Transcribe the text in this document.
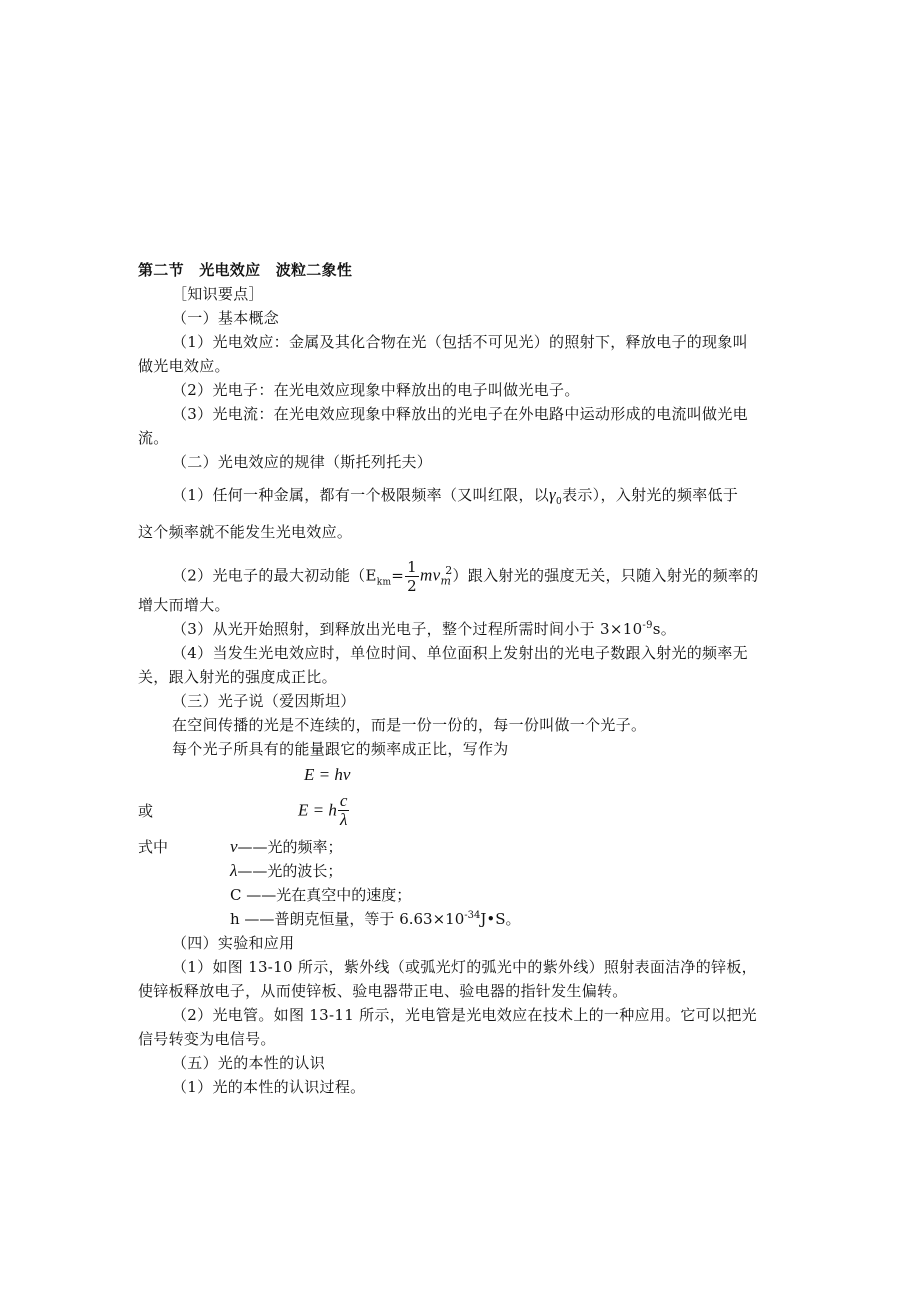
第二节　光电效应　波粒二象性
［知识要点］
（一）基本概念
（1）光电效应：金属及其化合物在光（包括不可见光）的照射下，释放电子的现象叫
做光电效应。
（2）光电子：在光电效应现象中释放出的电子叫做光电子。
（3）光电流：在光电效应现象中释放出的光电子在外电路中运动形成的电流叫做光电
流。
（二）光电效应的规律（斯托列托夫）
（1）任何一种金属，都有一个极限频率（又叫红限，以$\gamma_0$表示），入射光的频率低于
这个频率就不能发生光电效应。
（2）光电子的最大初动能$(E_{km}= \frac{1}{2} mv_m^2)$跟入射光的强度无关，只随入射光的频率的
增大而增大。
（3）从光开始照射，到释放出光电子，整个过程所需时间小于 $3\times 10^{-9}s$。
（4）当发生光电效应时，单位时间、单位面积上发射出的光电子数跟入射光的频率无
关，跟入射光的强度成正比。
（三）光子说（爱因斯坦）
在空间传播的光是不连续的，而是一份一份的，每一份叫做一个光子。
每个光子所具有的能量跟它的频率成正比，写作为
E = hν
或	E = h $\frac{c}{\lambda}$
式中	ν——光的频率；
λ——光的波长；
C ——光在真空中的速度；
h ——普朗克恒量，等于 $6.63\times 10^{-34}J•S$。
（四）实验和应用
（1）如图 13-10 所示，紫外线（或弧光灯的弧光中的紫外线）照射表面洁净的锌板，
使锌板释放电子，从而使锌板、验电器带正电、验电器的指针发生偏转。
（2）光电管。如图 13-11 所示，光电管是光电效应在技术上的一种应用。它可以把光
信号转变为电信号。
（五）光的本性的认识
（1）光的本性的认识过程。
